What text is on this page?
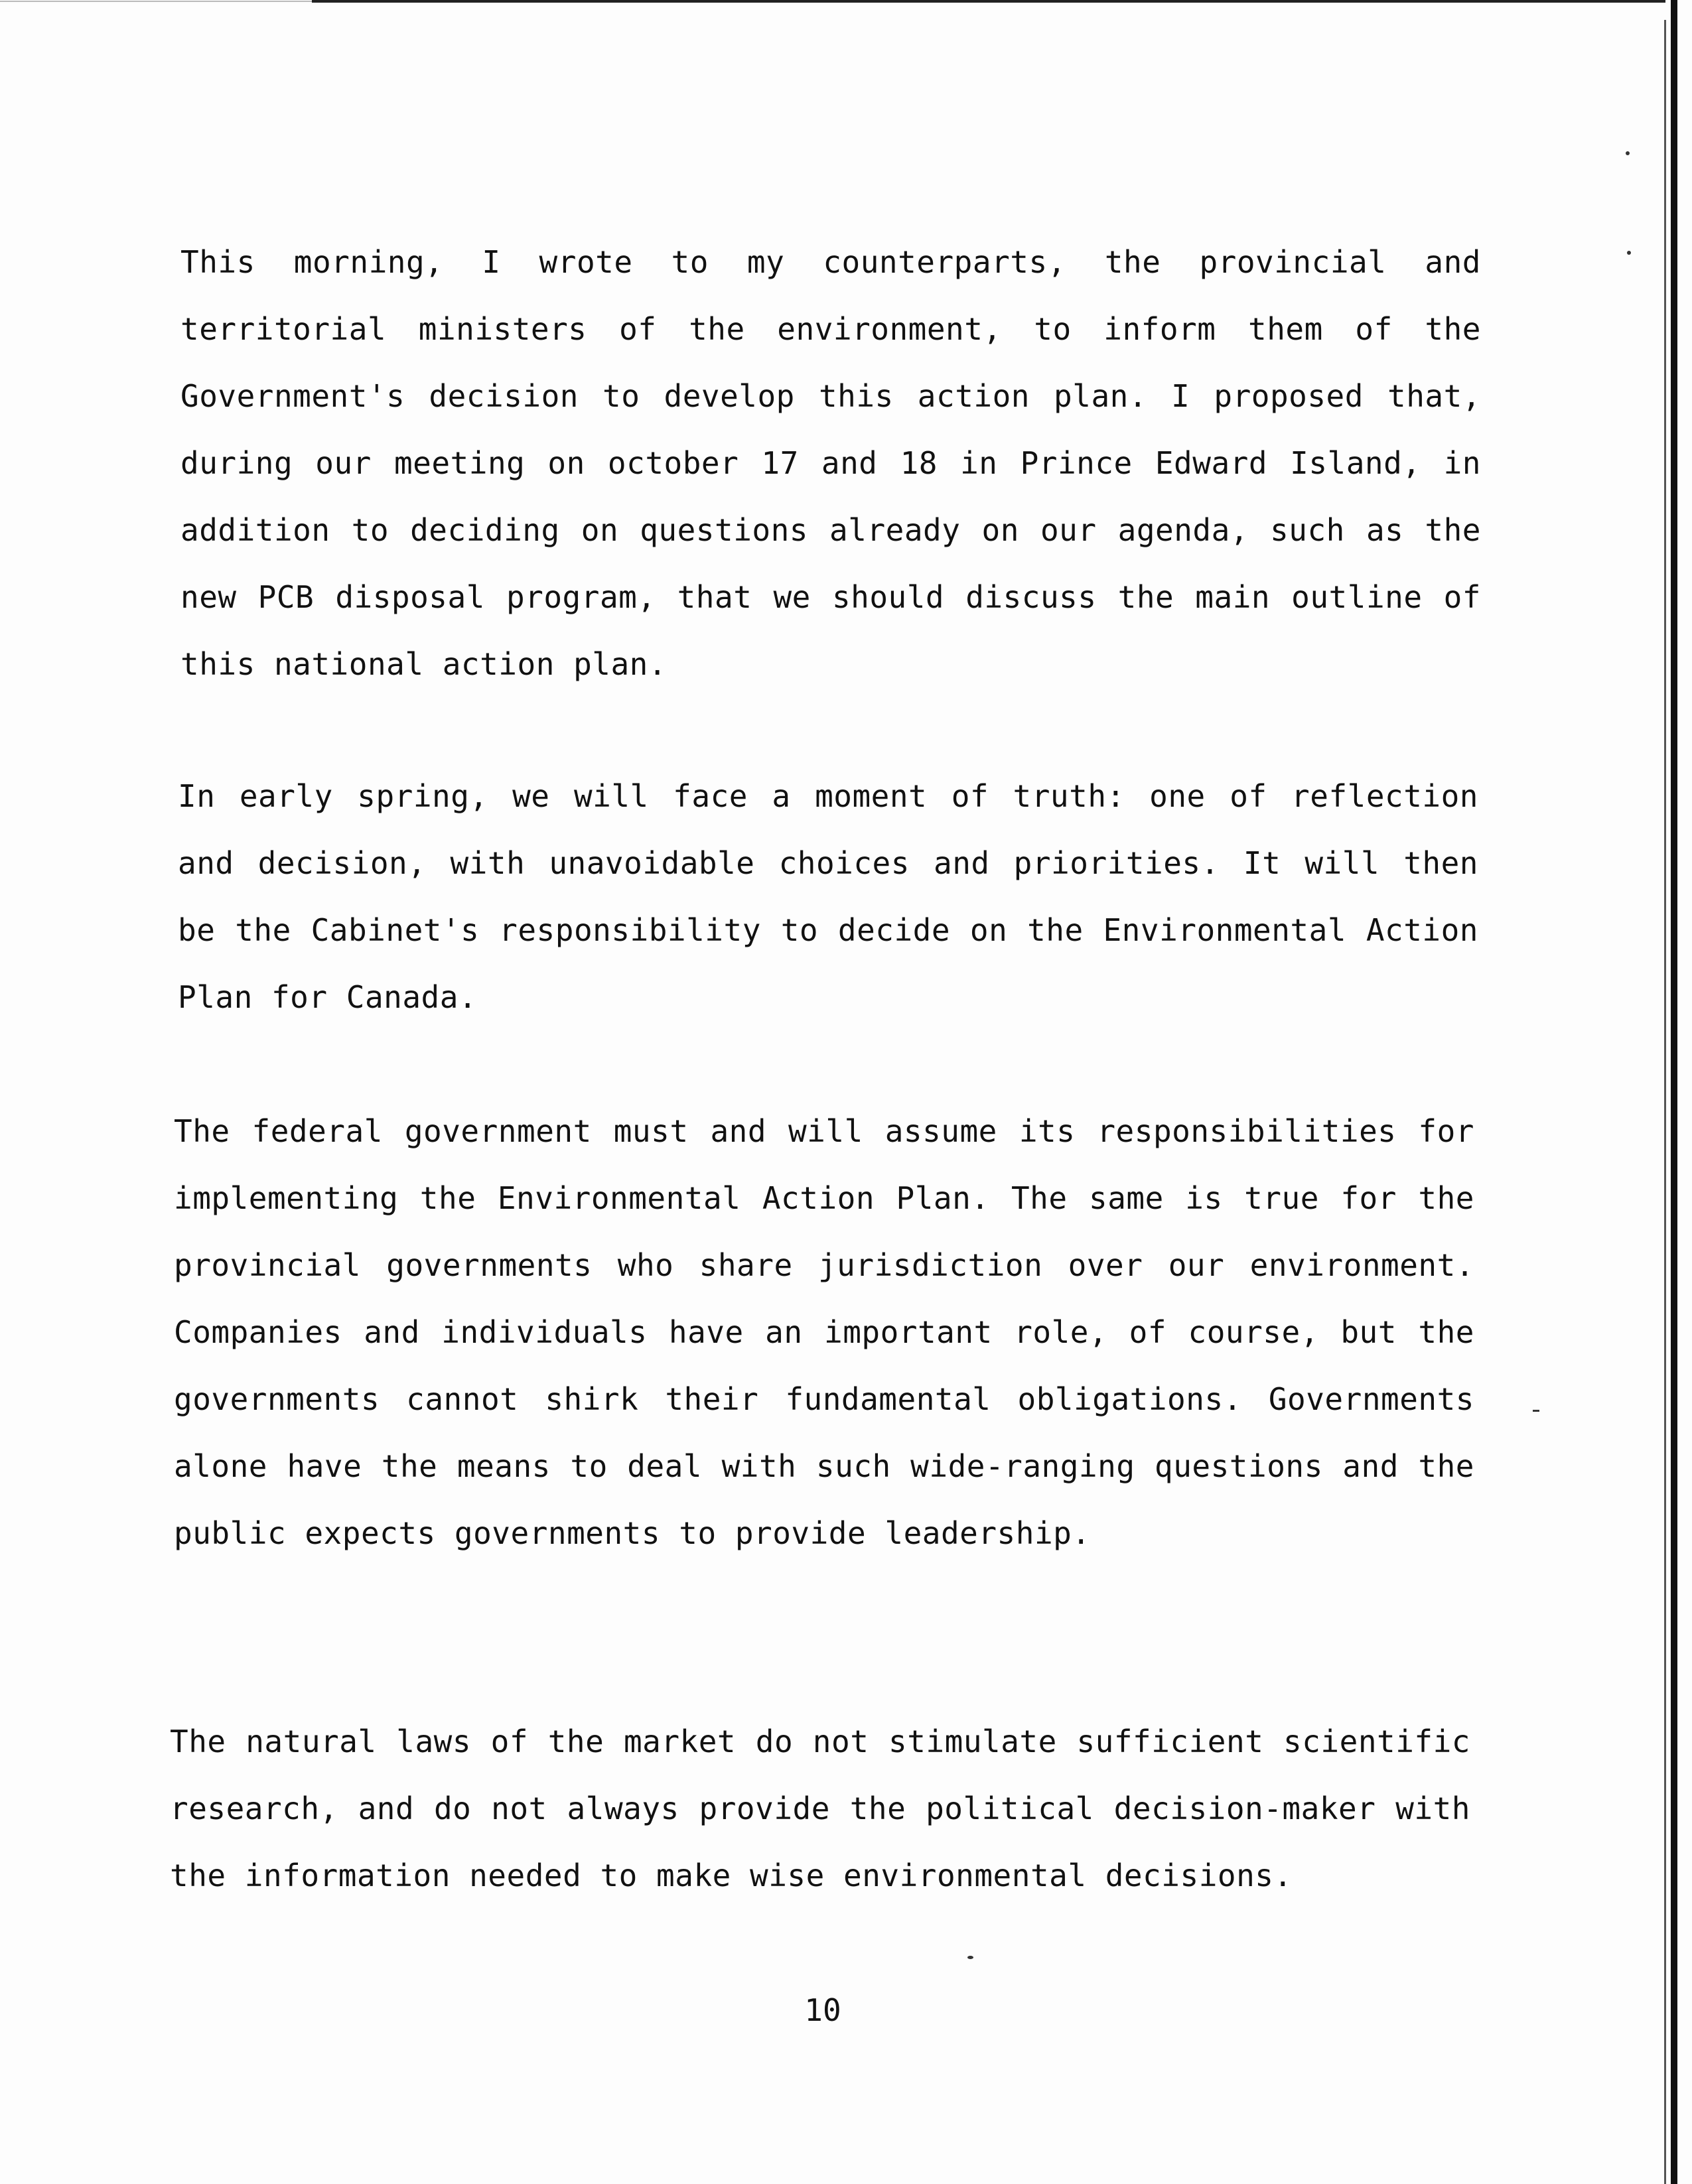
This morning, I wrote to my counterparts, the provincial and territorial ministers of the environment, to inform them of the Government's decision to develop this action plan. I proposed that, during our meeting on october 17 and 18 in Prince Edward Island, in addition to deciding on questions already on our agenda, such as the new PCB disposal program, that we should discuss the main outline of this national action plan.

In early spring, we will face a moment of truth: one of reflection and decision, with unavoidable choices and priorities. It will then be the Cabinet's responsibility to decide on the Environmental Action Plan for Canada.

The federal government must and will assume its responsibilities for implementing the Environmental Action Plan. The same is true for the provincial governments who share jurisdiction over our environment. Companies and individuals have an important role, of course, but the governments cannot shirk their fundamental obligations. Governments alone have the means to deal with such wide-ranging questions and the public expects governments to provide leadership.

The natural laws of the market do not stimulate sufficient scientific research, and do not always provide the political decision-maker with the information needed to make wise environmental decisions.

10
